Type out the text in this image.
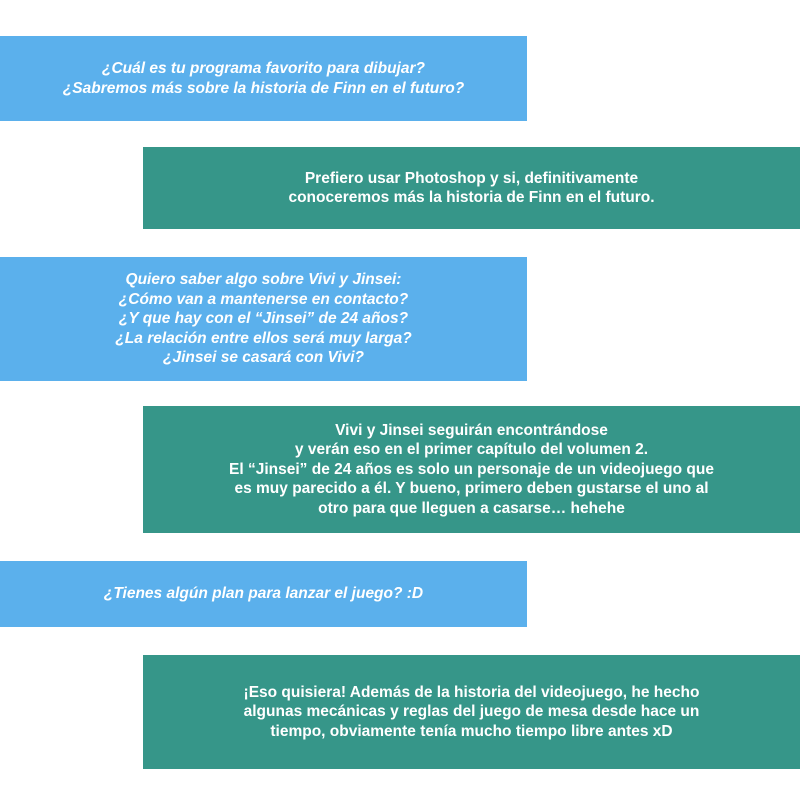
¿Cuál es tu programa favorito para dibujar?
¿Sabremos más sobre la historia de Finn en el futuro?
Prefiero usar Photoshop y si, definitivamente
conoceremos más la historia de Finn en el futuro.
Quiero saber algo sobre Vivi y Jinsei:
¿Cómo van a mantenerse en contacto?
¿Y que hay con el “Jinsei” de 24 años?
¿La relación entre ellos será muy larga?
¿Jinsei se casará con Vivi?
Vivi y Jinsei seguirán encontrándose
y verán eso en el primer capítulo del volumen 2.
El “Jinsei” de 24 años es solo un personaje de un videojuego que
es muy parecido a él. Y bueno, primero deben gustarse el uno al
otro para que lleguen a casarse… hehehe
¿Tienes algún plan para lanzar el juego? :D
¡Eso quisiera! Además de la historia del videojuego, he hecho
algunas mecánicas y reglas del juego de mesa desde hace un
tiempo, obviamente tenía mucho tiempo libre antes xD
